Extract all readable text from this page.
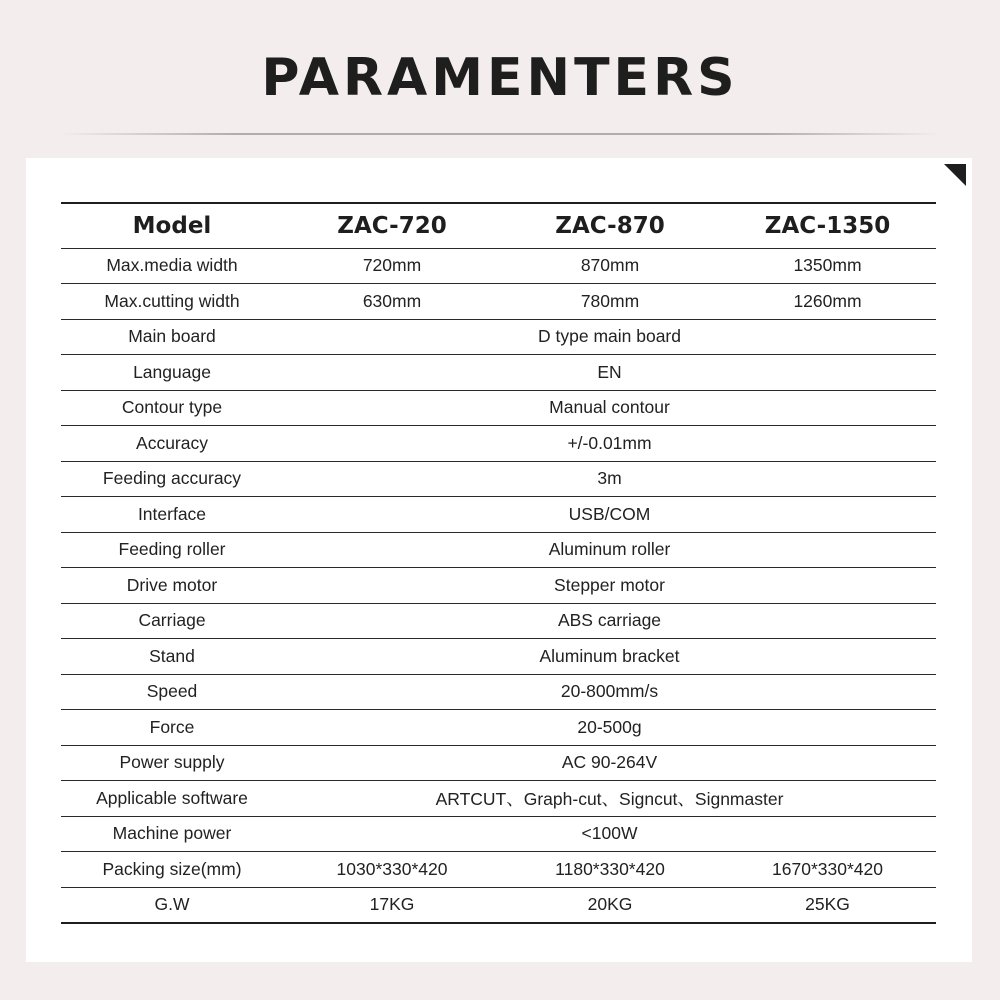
PARAMENTERS
Model	ZAC-720	ZAC-870	ZAC-1350
Max.media width	720mm	870mm	1350mm
Max.cutting width	630mm	780mm	1260mm
Main board	D type main board		
Language	EN		
Contour type	Manual contour		
Accuracy	+/-0.01mm		
Feeding accuracy	3m		
Interface	USB/COM		
Feeding roller	Aluminum roller		
Drive motor	Stepper motor		
Carriage	ABS carriage		
Stand	Aluminum bracket		
Speed	20-800mm/s		
Force	20-500g		
Power supply	AC 90-264V		
Applicable software	ARTCUT、Graph-cut、Signcut、Signmaster		
Machine power	<100W		
Packing size(mm)	1030*330*420	1180*330*420	1670*330*420
G.W	17KG	20KG	25KG
